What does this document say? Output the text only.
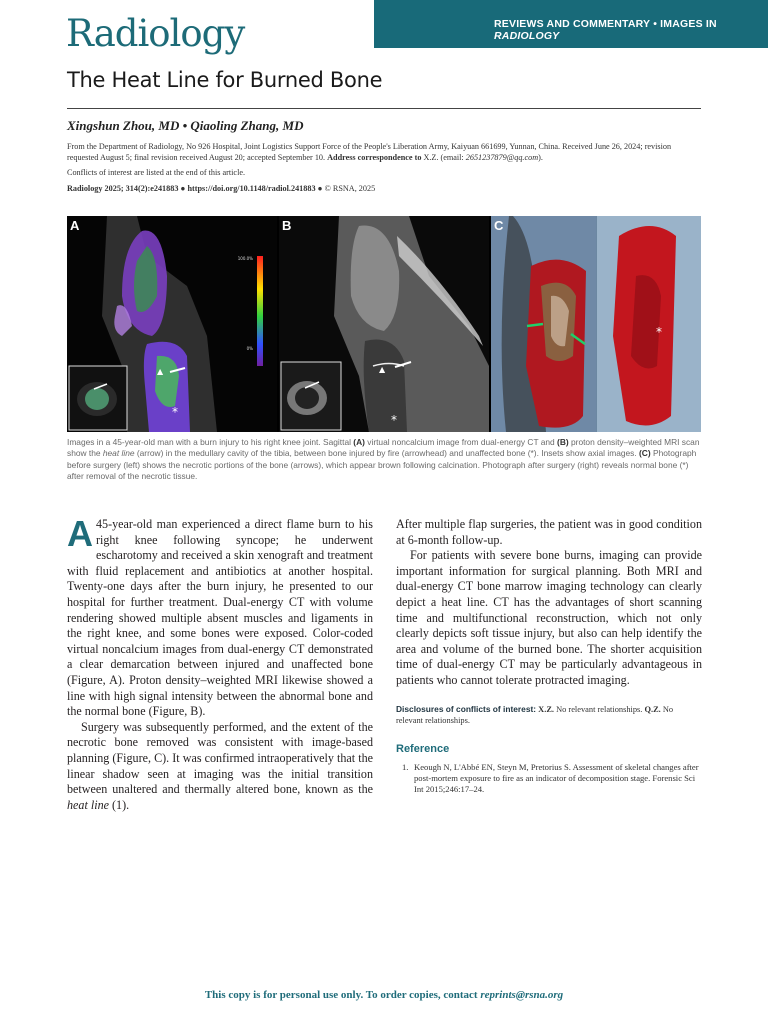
Radiology	REVIEWS AND COMMENTARY • IMAGES IN RADIOLOGY
The Heat Line for Burned Bone
Xingshun Zhou, MD • Qiaoling Zhang, MD
From the Department of Radiology, No 926 Hospital, Joint Logistics Support Force of the People's Liberation Army, Kaiyuan 661699, Yunnan, China. Received June 26, 2024; revision requested August 5; final revision received August 20; accepted September 10. Address correspondence to X.Z. (email: 2651237879@qq.com).
Conflicts of interest are listed at the end of this article.
Radiology 2025; 314(2):e241883 ● https://doi.org/10.1148/radiol.241883 ● © RSNA, 2025
100.0%
0%
▲
*
A
▲
*
B
*
C
Images in a 45-year-old man with a burn injury to his right knee joint. Sagittal (A) virtual noncalcium image from dual-energy CT and (B) proton density–weighted MRI scan show the heat line (arrow) in the medullary cavity of the tibia, between bone injured by fire (arrowhead) and unaffected bone (*). Insets show axial images. (C) Photograph before surgery (left) shows the necrotic portions of the bone (arrows), which appear brown following calcination. Photograph after surgery (right) reveals normal bone (*) after removal of the necrotic tissue.

A 45-year-old man experienced a direct flame burn to his right knee following syncope; he underwent escharotomy and received a skin xenograft and treatment with fluid replacement and antibiotics at another hospital. Twenty-one days after the burn injury, he presented to our hospital for further treatment. Dual-energy CT with volume rendering showed multiple absent muscles and ligaments in the right knee, and some bones were exposed. Color-coded virtual noncalcium images from dual-energy CT demonstrated a clear demarcation between injured and unaffected bone (Figure, A). Proton density–weighted MRI likewise showed a line with high signal intensity between the abnormal bone and the normal bone (Figure, B).

Surgery was subsequently performed, and the extent of the necrotic bone removed was consistent with image-based planning (Figure, C). It was confirmed intraoperatively that the linear shadow seen at imaging was the initial transition between unaltered and thermally altered bone, known as the heat line (1).

After multiple flap surgeries, the patient was in good condition at 6-month follow-up.

For patients with severe bone burns, imaging can provide important information for surgical planning. Both MRI and dual-energy CT bone marrow imaging technology can clearly depict a heat line. CT has the advantages of short scanning time and multifunctional reconstruction, which not only clearly depicts soft tissue injury, but also can help identify the area and volume of the burned bone. The shorter acquisition time of dual-energy CT may be particularly advantageous in patients who cannot tolerate protracted imaging.

Disclosures of conflicts of interest: X.Z. No relevant relationships. Q.Z. No relevant relationships.
Reference
1. Keough N, L'Abbé EN, Steyn M, Pretorius S. Assessment of skeletal changes after post-mortem exposure to fire as an indicator of decomposition stage. Forensic Sci Int 2015;246:17–24.
This copy is for personal use only. To order copies, contact reprints@rsna.org
